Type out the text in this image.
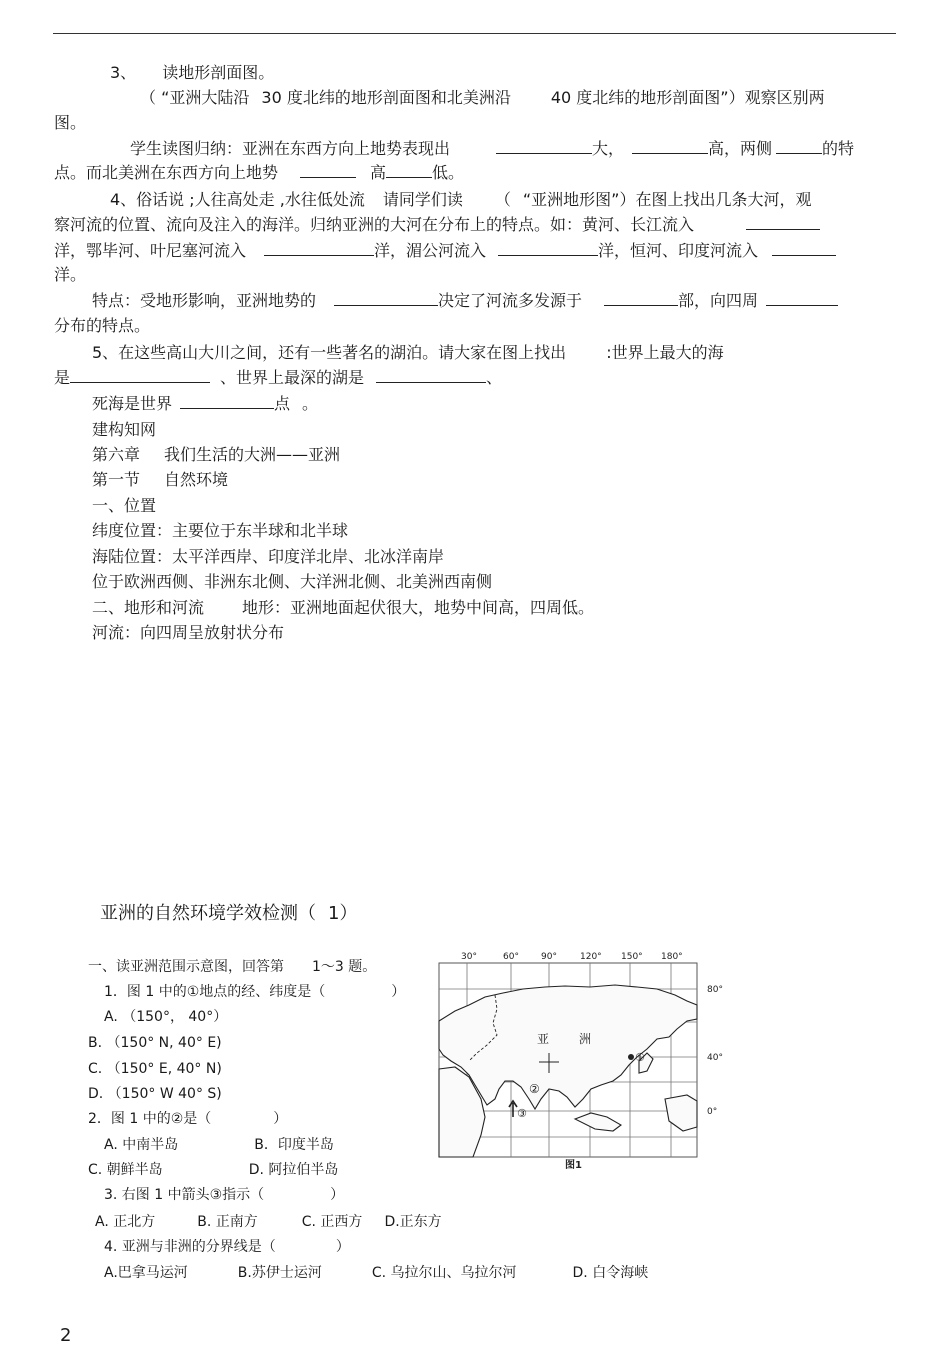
3、 读地形剖面图。
（ “亚洲大陆沿 30 度北纬的地形剖面图和北美洲沿	40 度北纬的地形剖面图”）观察区别两
图。
学生读图归纳：亚洲在东西方向上地势表现出	大，	高，两侧	的特
点。而北美洲在东西方向上地势	高	低。
4、俗话说 ;人往高处走 ,水往低处流 请同学们读 （ “亚洲地形图”）在图上找出几条大河，观
察河流的位置、流向及注入的海洋。归纳亚洲的大河在分布上的特点。如：黄河、长江流入
洋，鄂毕河、叶尼塞河流入	洋，湄公河流入	洋，恒河、印度河流入
洋。
特点：受地形影响，亚洲地势的	决定了河流多发源于	部，向四周
分布的特点。
5、在这些高山大川之间，还有一些著名的湖泊。请大家在图上找出	:世界上最大的海
是	、世界上最深的湖是	、
死海是世界	点 。
建构知网
第六章 我们生活的大洲——亚洲
第一节 自然环境
一、位置
纬度位置：主要位于东半球和北半球
海陆位置：太平洋西岸、印度洋北岸、北冰洋南岸
位于欧洲西侧、非洲东北侧、大洋洲北侧、北美洲西南侧
二、地形和河流 地形：亚洲地面起伏很大，地势中间高，四周低。
河流：向四周呈放射状分布
亚洲的自然环境学效检测（ 1）
一、读亚洲范围示意图，回答第 1～3 题。
1．图 1 中的①地点的经、纬度是（	）
A. （150°， 40°）
B. （150° N, 40° E)
C. （150° E, 40° N)
D. （150° W 40° S)
2．图 1 中的②是（	）
A. 中南半岛	B．印度半岛
C. 朝鲜半岛	D. 阿拉伯半岛
3. 右图 1 中箭头③指示（	）
A. 正北方	B. 正南方	C. 正西方 D.正东方
4. 亚洲与非洲的分界线是（	）
A.巴拿马运河	B.苏伊士运河	C. 乌拉尔山、乌拉尔河	D. 白令海峡
30°	60° 90°	120° 150° 180°
80°
40°
0°
亚 洲
①
②
③
图1
2
